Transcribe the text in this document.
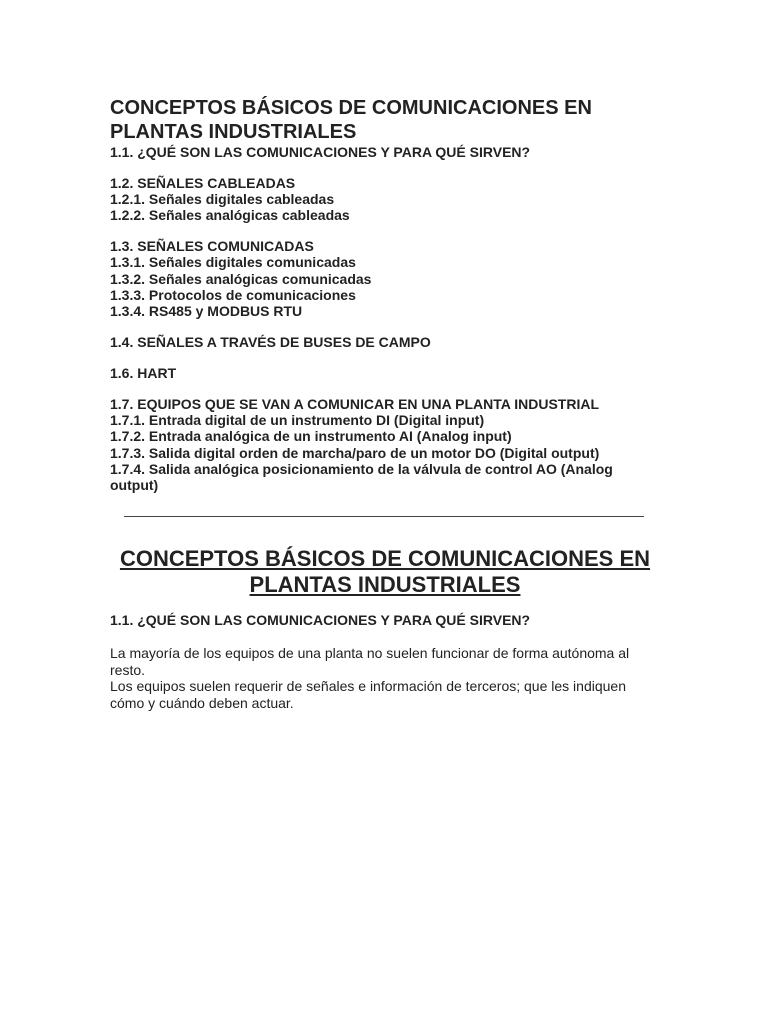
CONCEPTOS BÁSICOS DE COMUNICACIONES EN PLANTAS INDUSTRIALES

1.1. ¿QUÉ SON LAS COMUNICACIONES Y PARA QUÉ SIRVEN?

1.2. SEÑALES CABLEADAS

1.2.1. Señales digitales cableadas

1.2.2. Señales analógicas cableadas

1.3. SEÑALES COMUNICADAS

1.3.1. Señales digitales comunicadas

1.3.2. Señales analógicas comunicadas

1.3.3. Protocolos de comunicaciones

1.3.4. RS485 y MODBUS RTU

1.4. SEÑALES A TRAVÉS DE BUSES DE CAMPO

1.6. HART

1.7. EQUIPOS QUE SE VAN A COMUNICAR EN UNA PLANTA INDUSTRIAL

1.7.1. Entrada digital de un instrumento DI (Digital input)

1.7.2. Entrada analógica de un instrumento AI (Analog input)

1.7.3. Salida digital orden de marcha/paro de un motor DO (Digital output)

1.7.4. Salida analógica posicionamiento de la válvula de control AO (Analog output)

CONCEPTOS BÁSICOS DE COMUNICACIONES EN PLANTAS INDUSTRIALES
1.1. ¿QUÉ SON LAS COMUNICACIONES Y PARA QUÉ SIRVEN?

La mayoría de los equipos de una planta no suelen funcionar de forma autónoma al resto.

Los equipos suelen requerir de señales e información de terceros; que les indiquen cómo y cuándo deben actuar.
